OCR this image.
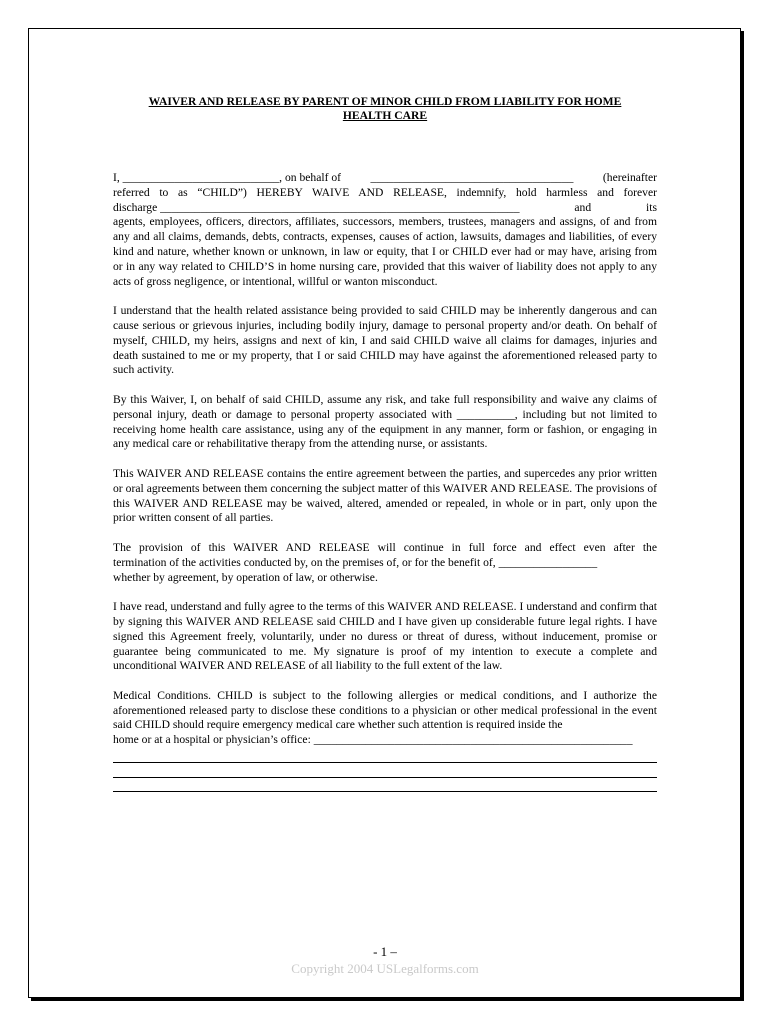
WAIVER AND RELEASE BY PARENT OF MINOR CHILD FROM LIABILITY FOR HOME
HEALTH CARE
I, ___________________________, on behalf of	___________________________________	(hereinafter
referred to as “CHILD”) HEREBY WAIVE AND RELEASE, indemnify, hold harmless and forever
discharge ______________________________________________________________	and	its
agents, employees, officers, directors, affiliates, successors, members, trustees, managers and assigns, of and from any and all claims, demands, debts, contracts, expenses, causes of action, lawsuits, damages and liabilities, of every kind and nature, whether known or unknown, in law or equity, that I or CHILD ever had or may have, arising from or in any way related to CHILD’S in home nursing care, provided that this waiver of liability does not apply to any acts of gross negligence, or intentional, willful or wanton misconduct.
I understand that the health related assistance being provided to said CHILD may be inherently dangerous and can cause serious or grievous injuries, including bodily injury, damage to personal property and/or death. On behalf of myself, CHILD, my heirs, assigns and next of kin, I and said CHILD waive all claims for damages, injuries and death sustained to me or my property, that I or said CHILD may have against the aforementioned released party to such activity.
By this Waiver, I, on behalf of said CHILD, assume any risk, and take full responsibility and waive any claims of personal injury, death or damage to personal property associated with __________, including but not limited to receiving home health care assistance, using any of the equipment in any manner, form or fashion, or engaging in any medical care or rehabilitative therapy from the attending nurse, or assistants.
This WAIVER AND RELEASE contains the entire agreement between the parties, and supercedes any prior written or oral agreements between them concerning the subject matter of this WAIVER AND RELEASE. The provisions of this WAIVER AND RELEASE may be waived, altered, amended or repealed, in whole or in part, only upon the prior written consent of all parties.
The provision of this WAIVER AND RELEASE will continue in full force and effect even after the
termination of the activities conducted by, on the premises of, or for the benefit of, _________________
whether by agreement, by operation of law, or otherwise.
I have read, understand and fully agree to the terms of this WAIVER AND RELEASE. I understand and confirm that by signing this WAIVER AND RELEASE said CHILD and I have given up considerable future legal rights. I have signed this Agreement freely, voluntarily, under no duress or threat of duress, without inducement, promise or guarantee being communicated to me. My signature is proof of my intention to execute a complete and unconditional WAIVER AND RELEASE of all liability to the full extent of the law.
Medical Conditions. CHILD is subject to the following allergies or medical conditions, and I authorize the aforementioned released party to disclose these conditions to a physician or other medical professional in the event said CHILD should require emergency medical care whether such attention is required inside the
home or at a hospital or physician’s office: _______________________________________________________
- 1 –
Copyright 2004 USLegalforms.com
